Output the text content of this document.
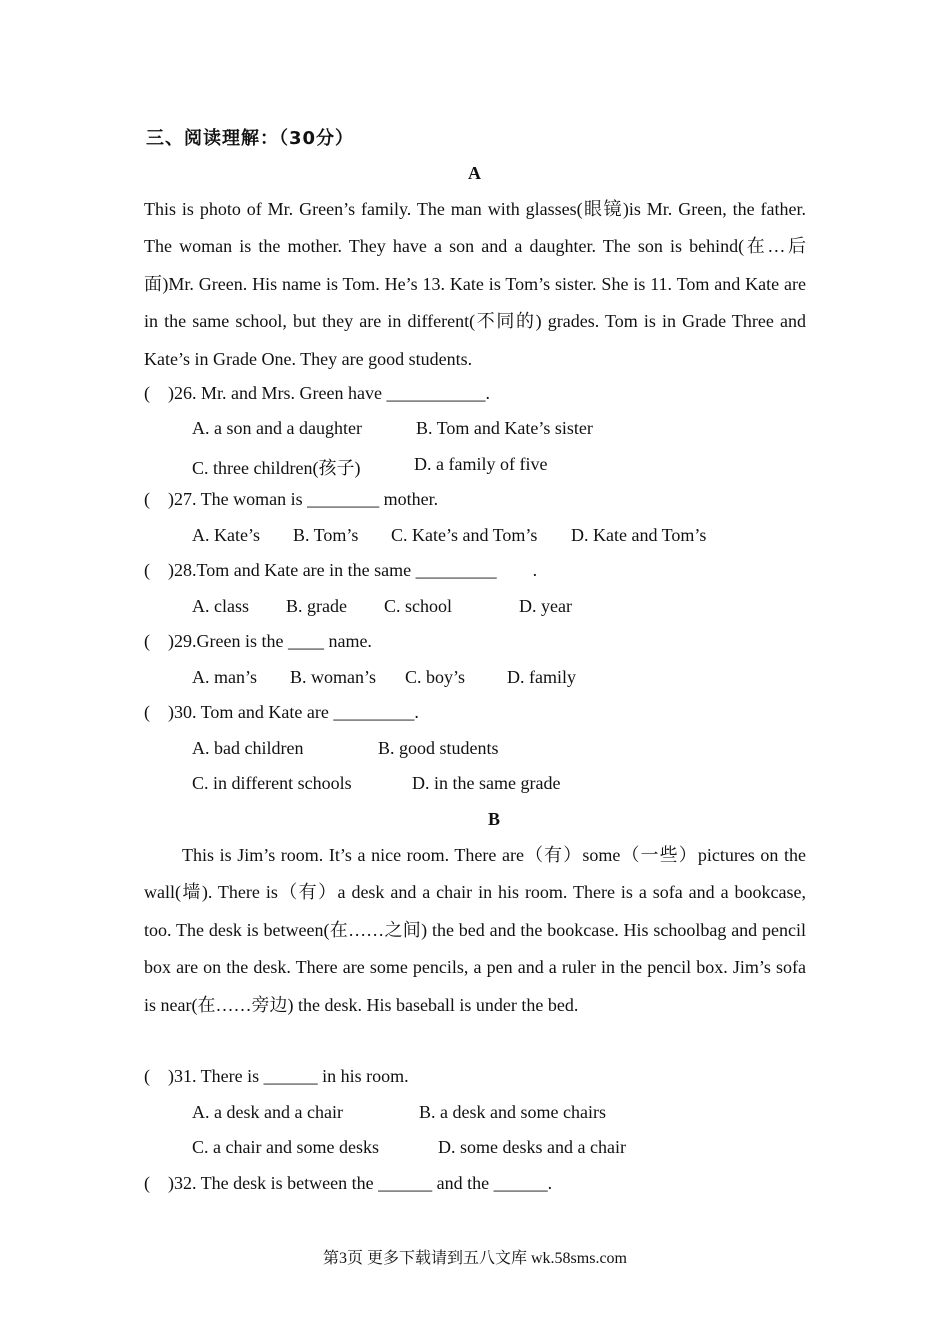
三、阅读理解：（30分）
A
This is photo of Mr. Green’s family. The man with glasses(眼镜)is Mr. Green, the father. The woman is the mother. They have a son and a daughter. The son is behind(在…后面)Mr. Green. His name is Tom. He’s 13. Kate is Tom’s sister. She is 11. Tom and Kate are in the same school, but they are in different(不同的) grades. Tom is in Grade Three and Kate’s in Grade One. They are good students.
(    )26. Mr. and Mrs. Green have ___________.
A. a son and a daughter	B. Tom and Kate’s sister
C. three children(孩子)	D. a family of five
(    )27. The woman is ________ mother.
A. Kate’s B. Tom’s C. Kate’s and Tom’s D. Kate and Tom’s
(    )28.Tom and Kate are in the same _________        .
A. class B. grade C. school	D. year
(    )29.Green is the ____ name.
A. man’s B. woman’s C. boy’s D. family
(    )30. Tom and Kate are _________.
A. bad children	B. good students
C. in different schools	D. in the same grade
B
This is Jim’s room. It’s a nice room. There are（有）some（一些）pictures on the wall(墙). There is（有）a desk and a chair in his room. There is a sofa and a bookcase, too. The desk is between(在……之间) the bed and the bookcase. His schoolbag and pencil box are on the desk. There are some pencils, a pen and a ruler in the pencil box. Jim’s sofa is near(在……旁边) the desk. His baseball is under the bed.
(    )31. There is ______ in his room.
A. a desk and a chair	B. a desk and some chairs
C. a chair and some desks	D. some desks and a chair
(    )32. The desk is between the ______ and the ______.
第3页 更多下载请到五八文库 wk.58sms.com
